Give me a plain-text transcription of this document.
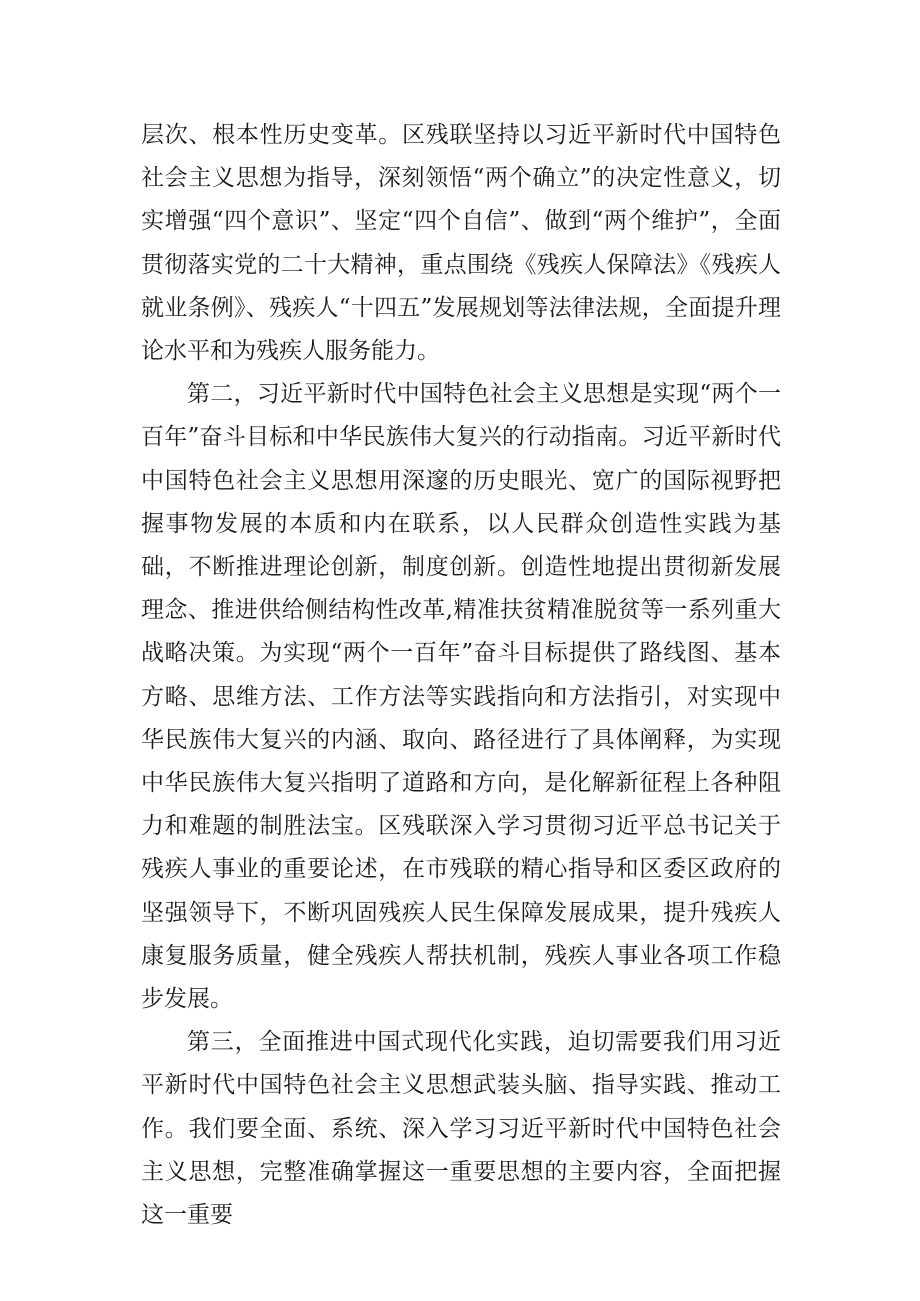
层次、根本性历史变革。区残联坚持以习近平新时代中国特色社会主义思想为指导，深刻领悟“两个确立”的决定性意义，切实增强“四个意识”、坚定“四个自信”、做到“两个维护”，全面贯彻落实党的二十大精神，重点围绕《残疾人保障法》《残疾人就业条例》、残疾人“十四五”发展规划等法律法规，全面提升理论水平和为残疾人服务能力。

第二，习近平新时代中国特色社会主义思想是实现“两个一百年”奋斗目标和中华民族伟大复兴的行动指南。习近平新时代中国特色社会主义思想用深邃的历史眼光、宽广的国际视野把握事物发展的本质和内在联系，以人民群众创造性实践为基础，不断推进理论创新，制度创新。创造性地提出贯彻新发展理念、推进供给侧结构性改革,精准扶贫精准脱贫等一系列重大战略决策。为实现“两个一百年”奋斗目标提供了路线图、基本方略、思维方法、工作方法等实践指向和方法指引，对实现中华民族伟大复兴的内涵、取向、路径进行了具体阐释，为实现中华民族伟大复兴指明了道路和方向，是化解新征程上各种阻力和难题的制胜法宝。区残联深入学习贯彻习近平总书记关于残疾人事业的重要论述，在市残联的精心指导和区委区政府的坚强领导下，不断巩固残疾人民生保障发展成果，提升残疾人康复服务质量，健全残疾人帮扶机制，残疾人事业各项工作稳步发展。

第三，全面推进中国式现代化实践，迫切需要我们用习近平新时代中国特色社会主义思想武装头脑、指导实践、推动工作。我们要全面、系统、深入学习习近平新时代中国特色社会主义思想，完整准确掌握这一重要思想的主要内容，全面把握这一重要
